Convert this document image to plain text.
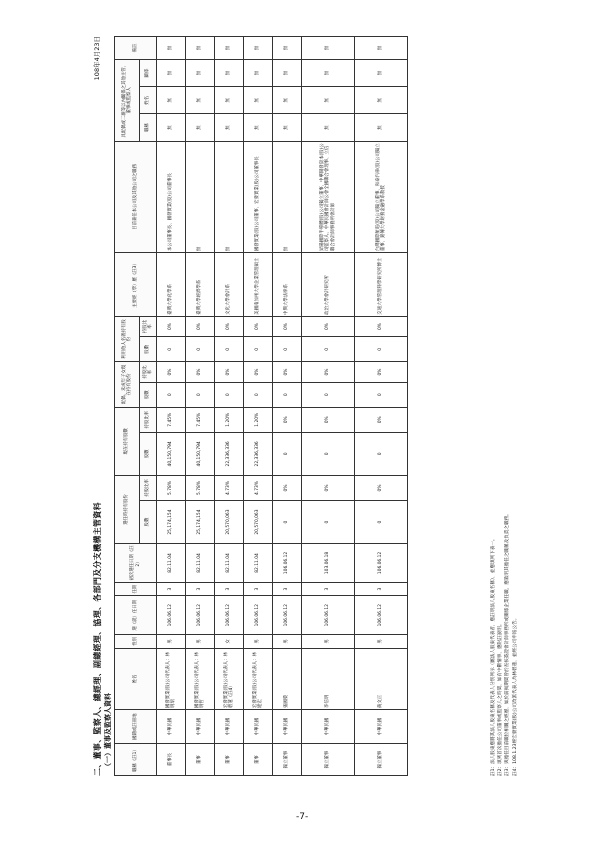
二、董事、監察人、總經理、副總經理、協理、各部門及分支機構主管資料 （一）董事及監察人資料
108年4月23日
職稱（註1）	國籍或註冊地	姓名	性別	選（就）任日期	任期	初次選任日期（註2）	選任時持有股份		現在持有股數		配偶、未成年子女現在持有股份		利用他人名義持有股份		主要經（學）歷（註3）	目前兼任本公司及其他公司之職務	具配偶或二親等以內關係之其他主管、董事或監察人			備註
							股數	持股比率	股數	持股比率	股數	持股比率	股數	持股比率			職稱	姓名	關係	
董事長	中華民國	國發實業(股)公司代表人：林明瑞	男	106.06.12	3	82.11.04	25,174,154	5.78%	40,150,794	7.45%	0	0%	0	0%	臺灣大學化學系	本公司董事長、國發實業(股)公司董事長	無	無	無	無
董事	中華民國	國發實業(股)公司代表人：林明哲	男	106.06.12	3	82.11.04	25,174,154	5.78%	40,150,794	7.45%	0	0%	0	0%	臺灣大學經濟學系	無	無	無	無	無
董事	中華民國	宏發實業(股)公司代表人：林碧蓮（註4）	女	106.06.12	3	82.11.04	20,570,063	4.73%	22,336,336	1.20%	0	0%	0	0%	文化大學會計系	無	無	無	無	無
董事	中華民國	宏發實業(股)公司代表人：林建宏	男	106.06.12	3	82.11.04	20,570,063	4.73%	22,336,336	1.20%	0	0%	0	0%	美國南加州大學企業管理碩士	國發實業(股)公司董事、宏發實業(股)公司董事長	無	無	無	無
獨立董事	中華民國	張國榮	男	106.06.12	3	106.06.12	0	0%	0	0%	0	0%	0	0%	中興大學法律系	無	無	無	無	無
獨立董事	中華民國	李信明	男	106.06.12	3	103.06.18	0	0%	0	0%	0	0%	0	0%	政治大學會計研究所	昇陽國際半導體(股)公司獨立董事、中華開發資本(股)公司監察人、中華民國會計師公會全國聯合會理事、立信聯合會計師事務所會計師	無	無	無	無
獨立董事	中華民國	黃文正	男	106.06.12	3	106.06.12	0	0%	0	0%	0	0%	0	0%	交通大學管理科學研究所博士	台灣國際航電(股)公司獨立董事、和泰汽車(股)公司獨立董事、銘傳大學財務金融學系教授	無	無	無	無
註1：法人股東應將其法人股東名稱及代表人分別列示（屬法人股東代表者，應註明法人股東名稱），並應填列下表一。 註2：填列首次擔任公司董事或監察人之時間，如有中斷情事，應附註說明。 註3：與擔任目前職位相關之經歷，如於前揭期間曾於查核簽證會計師事務所或關係企業任職，應敘明其擔任之職稱及負責之職務。 註4：108.1.23經宏發實業(股)公司改派代表人為林碧蓮，並經公司申報公告。
-7-
